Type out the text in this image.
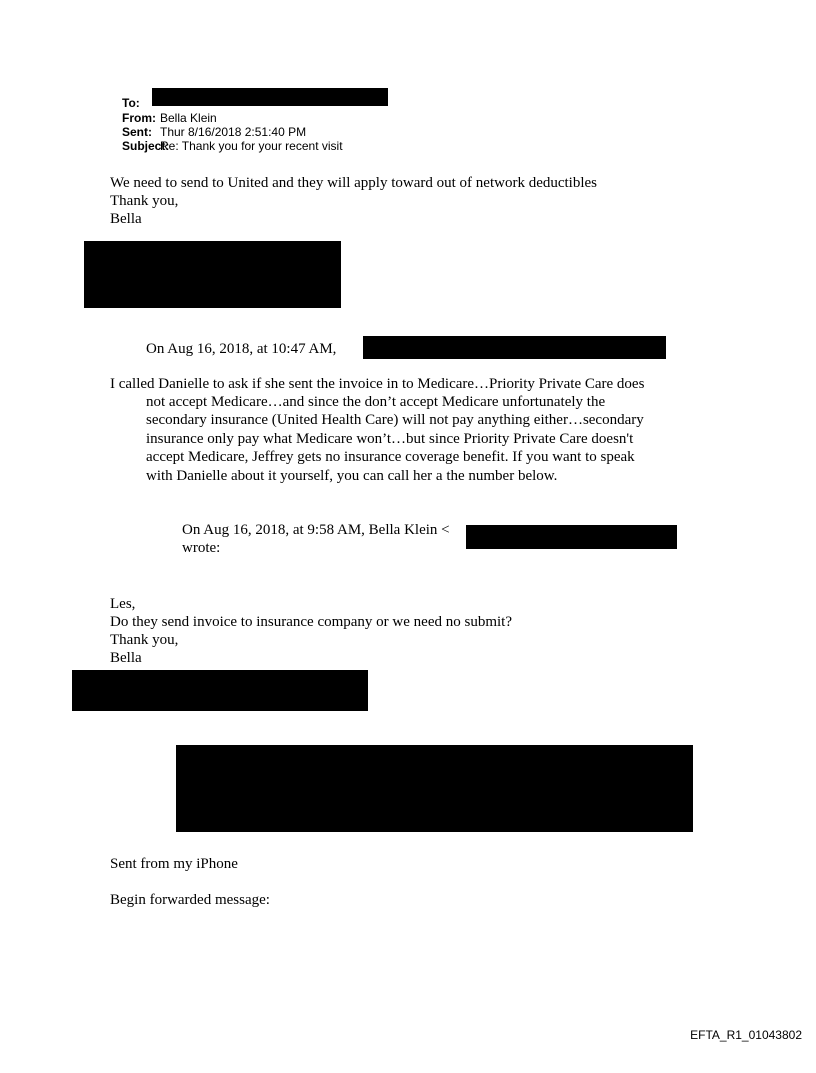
To:
From: Bella Klein
Sent: Thur 8/16/2018 2:51:40 PM
Subject:
Re: Thank you for your recent visit
We need to send to United and they will apply toward out of network deductibles
Thank you,
Bella
On Aug 16, 2018, at 10:47 AM,
I called Danielle to ask if she sent the invoice in to Medicare…Priority Private Care does
not accept Medicare…and since the don’t accept Medicare unfortunately the
secondary insurance (United Health Care) will not pay anything either…secondary
insurance only pay what Medicare won’t…but since Priority Private Care doesn't
accept Medicare, Jeffrey gets no insurance coverage benefit. If you want to speak
with Danielle about it yourself, you can call her a the number below.
On Aug 16, 2018, at 9:58 AM, Bella Klein <
wrote:
Les,
Do they send invoice to insurance company or we need no submit?
Thank you,
Bella
Sent from my iPhone
Begin forwarded message:
EFTA_R1_01043802
